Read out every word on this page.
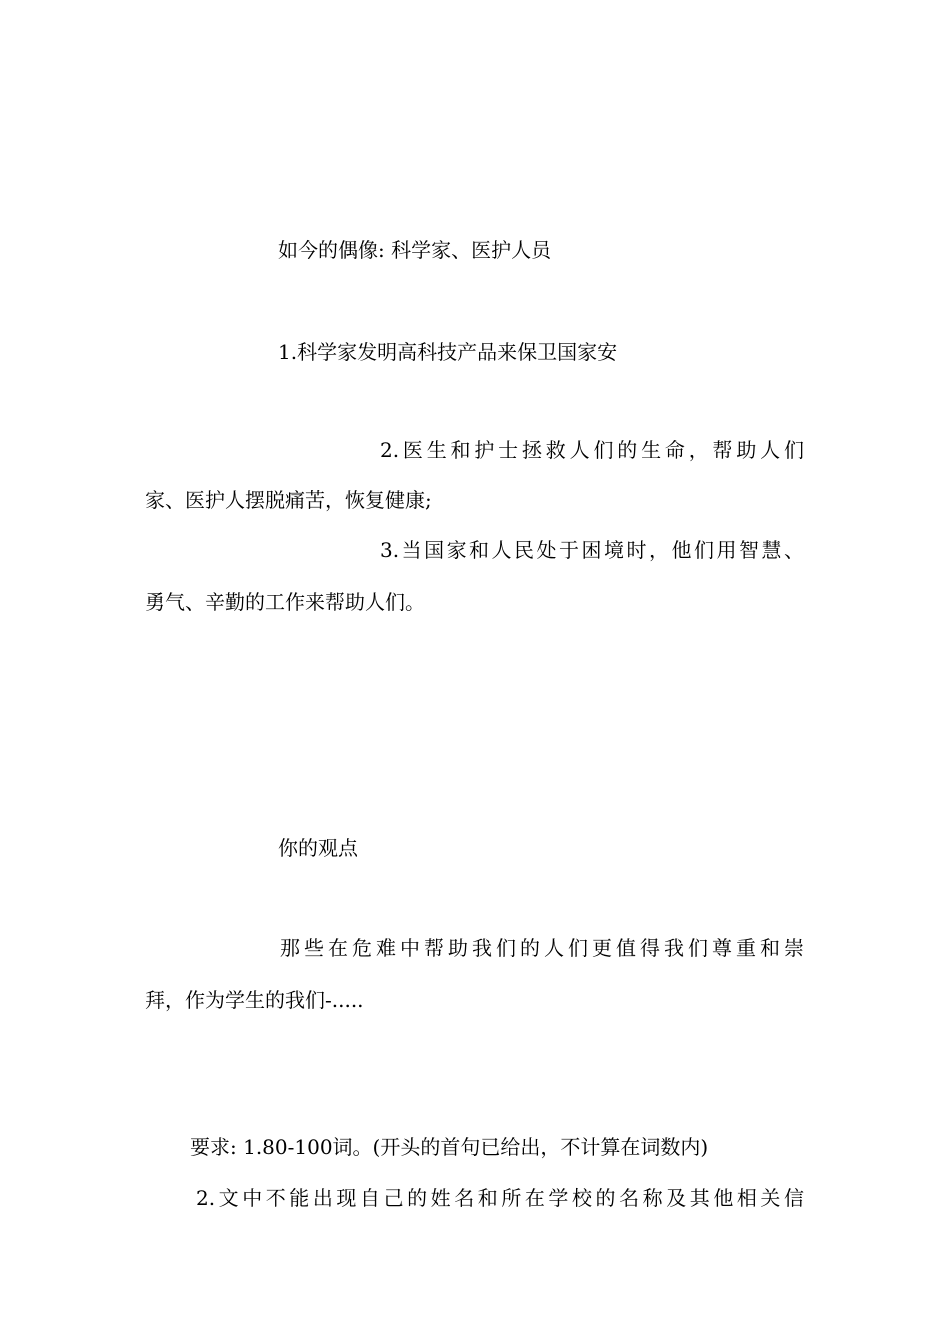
如今的偶像: 科学家、医护人员
1.科学家发明高科技产品来保卫国家安
2.医生和护士拯救人们的生命，帮助人们
家、医护人摆脱痛苦，恢复健康;
3.当国家和人民处于困境时，他们用智慧、
勇气、辛勤的工作来帮助人们。
你的观点
那些在危难中帮助我们的人们更值得我们尊重和崇
拜，作为学生的我们-.....
要求: 1.80-100词。(开头的首句已给出，不计算在词数内)
2.文中不能出现自己的姓名和所在学校的名称及其他相关信
